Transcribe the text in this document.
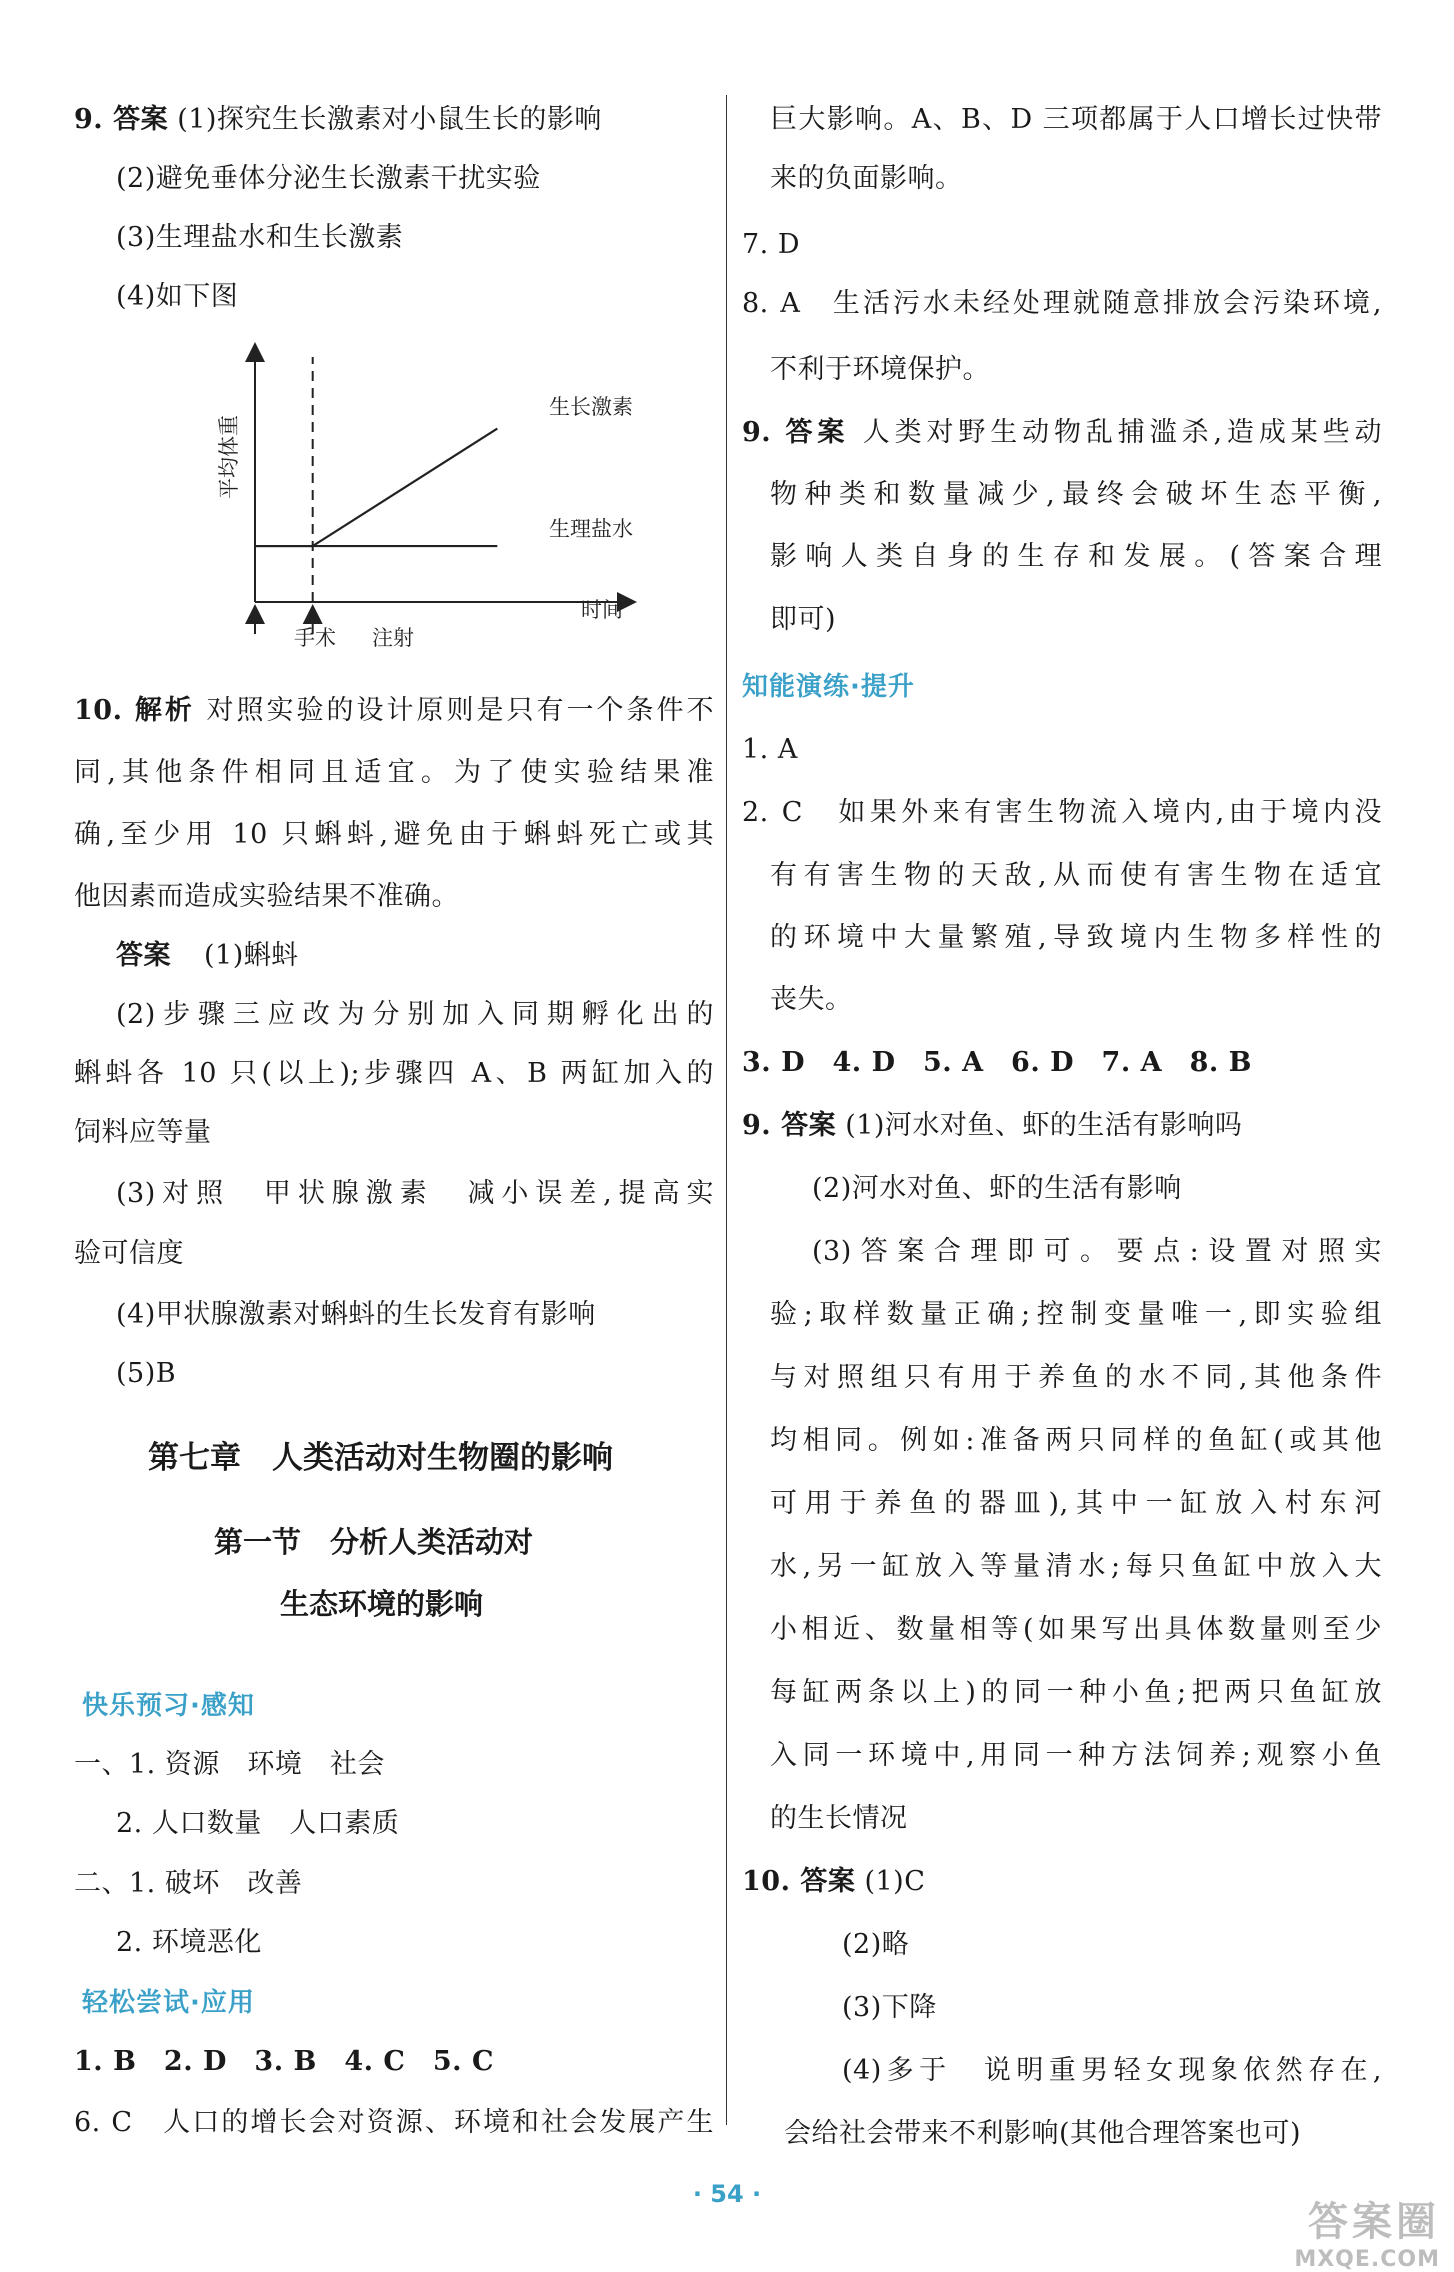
9. 答案 (1)探究生长激素对小鼠生长的影响
(2)避免垂体分泌生长激素干扰实验
(3)生理盐水和生长激素
(4)如下图
平均体重
时间
生长激素
生理盐水
手术 注射
10. 解析 对照实验的设计原则是只有一个条件不
同,其他条件相同且适宜。为了使实验结果准
确,至少用 10 只蝌蚪,避免由于蝌蚪死亡或其
他因素而造成实验结果不准确。
答案 (1)蝌蚪
(2)步骤三应改为分别加入同期孵化出的
蝌蚪各 10 只(以上);步骤四 A、B 两缸加入的
饲料应等量
(3)对照　甲状腺激素　减小误差,提高实
验可信度
(4)甲状腺激素对蝌蚪的生长发育有影响
(5)B
第七章　人类活动对生物圈的影响
第一节　分析人类活动对
生态环境的影响
快乐预习·感知
一、1. 资源　环境　社会
2. 人口数量　人口素质
二、1. 破坏　改善
2. 环境恶化
轻松尝试·应用
1. B　2. D　3. B　4. C　5. C
6. C　人口的增长会对资源、环境和社会发展产生
巨大影响。A、B、D 三项都属于人口增长过快带
来的负面影响。
7. D
8. A　生活污水未经处理就随意排放会污染环境,
不利于环境保护。
9. 答案 人类对野生动物乱捕滥杀,造成某些动
物种类和数量减少,最终会破坏生态平衡,
影响人类自身的生存和发展。(答案合理
即可)
知能演练·提升
1. A
2. C　如果外来有害生物流入境内,由于境内没
有有害生物的天敌,从而使有害生物在适宜
的环境中大量繁殖,导致境内生物多样性的
丧失。
3. D　4. D　5. A　6. D　7. A　8. B
9. 答案 (1)河水对鱼、虾的生活有影响吗
(2)河水对鱼、虾的生活有影响
(3)答案合理即可。要点:设置对照实
验;取样数量正确;控制变量唯一,即实验组
与对照组只有用于养鱼的水不同,其他条件
均相同。例如:准备两只同样的鱼缸(或其他
可用于养鱼的器皿),其中一缸放入村东河
水,另一缸放入等量清水;每只鱼缸中放入大
小相近、数量相等(如果写出具体数量则至少
每缸两条以上)的同一种小鱼;把两只鱼缸放
入同一环境中,用同一种方法饲养;观察小鱼
的生长情况
10. 答案 (1)C
(2)略
(3)下降
(4)多于　说明重男轻女现象依然存在,
会给社会带来不利影响(其他合理答案也可)
· 54 ·
答案圈
MXQE.COM
